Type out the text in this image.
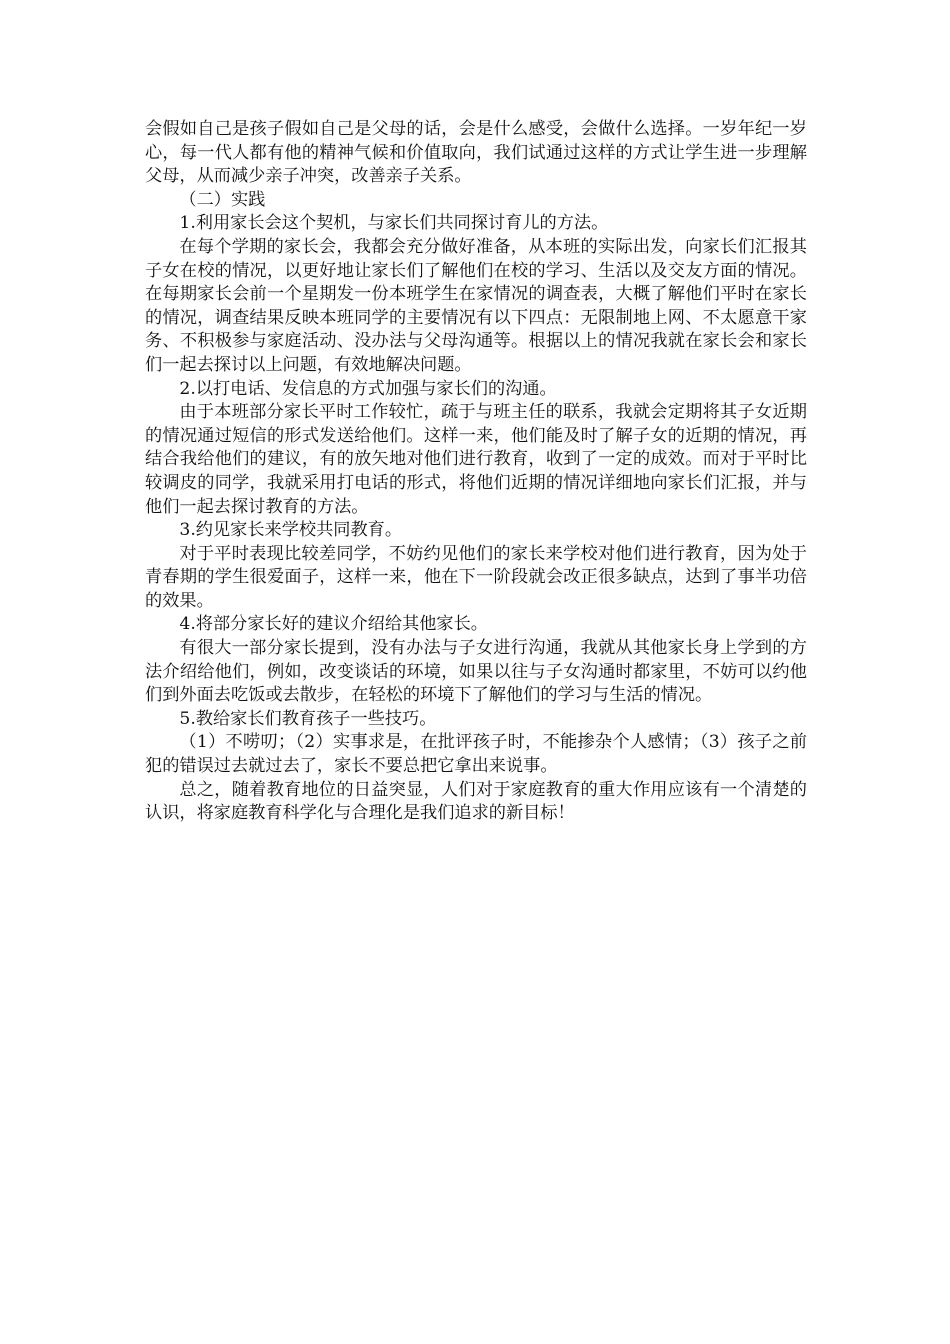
会假如自己是孩子假如自己是父母的话，会是什么感受，会做什么选择。一岁年纪一岁心，每一代人都有他的精神气候和价值取向，我们试通过这样的方式让学生进一步理解父母，从而减少亲子冲突，改善亲子关系。

（二）实践

1.利用家长会这个契机，与家长们共同探讨育儿的方法。

在每个学期的家长会，我都会充分做好准备，从本班的实际出发，向家长们汇报其子女在校的情况，以更好地让家长们了解他们在校的学习、生活以及交友方面的情况。在每期家长会前一个星期发一份本班学生在家情况的调查表，大概了解他们平时在家长的情况，调查结果反映本班同学的主要情况有以下四点：无限制地上网、不太愿意干家务、不积极参与家庭活动、没办法与父母沟通等。根据以上的情况我就在家长会和家长们一起去探讨以上问题，有效地解决问题。

2.以打电话、发信息的方式加强与家长们的沟通。

由于本班部分家长平时工作较忙，疏于与班主任的联系，我就会定期将其子女近期的情况通过短信的形式发送给他们。这样一来，他们能及时了解子女的近期的情况，再结合我给他们的建议，有的放矢地对他们进行教育，收到了一定的成效。而对于平时比较调皮的同学，我就采用打电话的形式，将他们近期的情况详细地向家长们汇报，并与他们一起去探讨教育的方法。

3.约见家长来学校共同教育。

对于平时表现比较差同学，不妨约见他们的家长来学校对他们进行教育，因为处于青春期的学生很爱面子，这样一来，他在下一阶段就会改正很多缺点，达到了事半功倍的效果。

4.将部分家长好的建议介绍给其他家长。

有很大一部分家长提到，没有办法与子女进行沟通，我就从其他家长身上学到的方法介绍给他们，例如，改变谈话的环境，如果以往与子女沟通时都家里，不妨可以约他们到外面去吃饭或去散步，在轻松的环境下了解他们的学习与生活的情况。

5.教给家长们教育孩子一些技巧。

（1）不唠叨；（2）实事求是，在批评孩子时，不能掺杂个人感情；（3）孩子之前犯的错误过去就过去了，家长不要总把它拿出来说事。

总之，随着教育地位的日益突显，人们对于家庭教育的重大作用应该有一个清楚的认识，将家庭教育科学化与合理化是我们追求的新目标！
